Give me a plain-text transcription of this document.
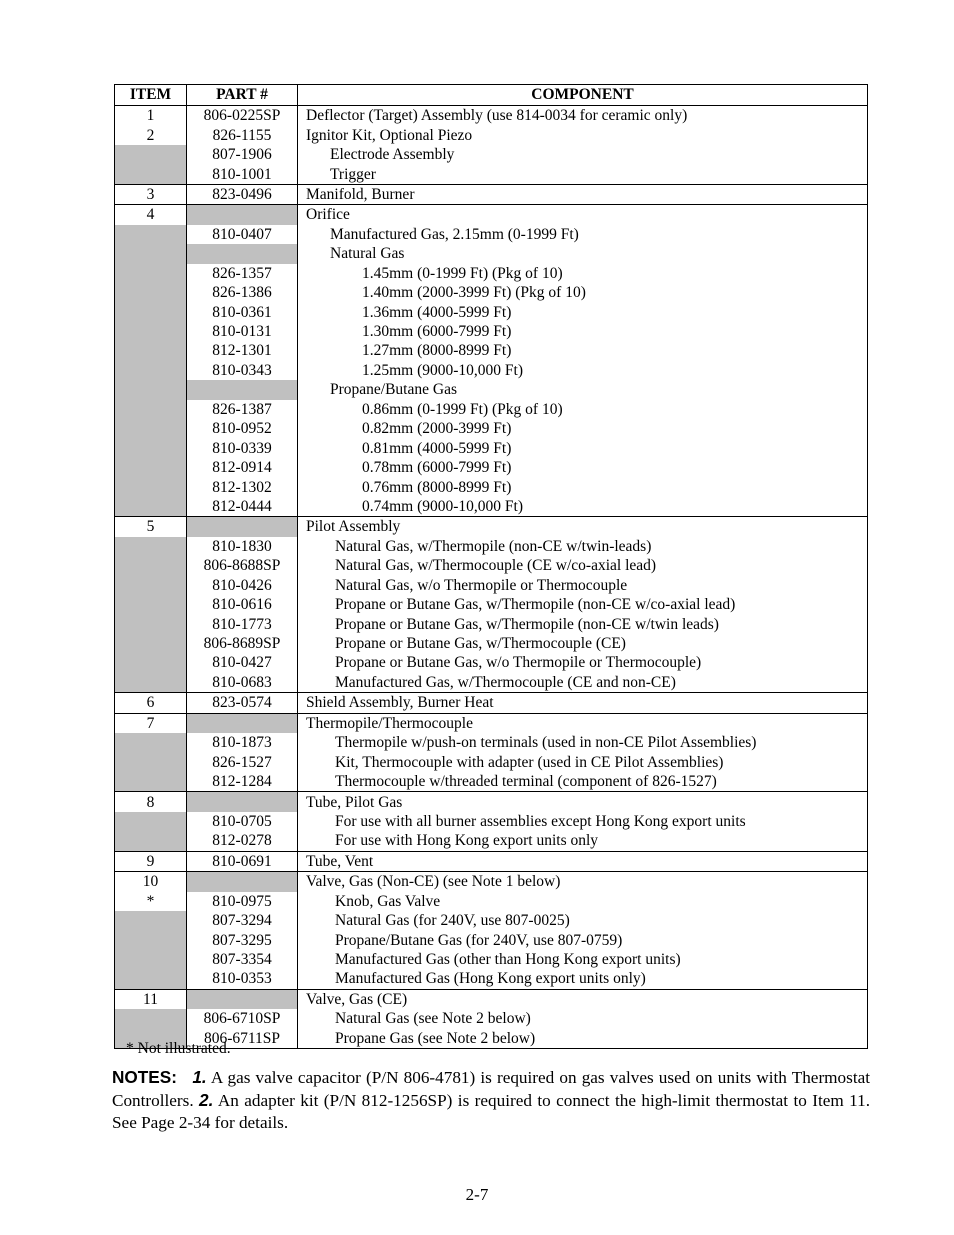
ITEM	PART #	COMPONENT
1	806-0225SP	Deflector (Target) Assembly (use 814-0034 for ceramic only)
2	826-1155	Ignitor Kit, Optional Piezo
	807-1906	Electrode Assembly
	810-1001	Trigger
3	823-0496	Manifold, Burner
4		Orifice
	810-0407	Manufactured Gas, 2.15mm (0-1999 Ft)
		Natural Gas
	826-1357	1.45mm (0-1999 Ft) (Pkg of 10)
	826-1386	1.40mm (2000-3999 Ft) (Pkg of 10)
	810-0361	1.36mm (4000-5999 Ft)
	810-0131	1.30mm (6000-7999 Ft)
	812-1301	1.27mm (8000-8999 Ft)
	810-0343	1.25mm (9000-10,000 Ft)
		Propane/Butane Gas
	826-1387	0.86mm (0-1999 Ft) (Pkg of 10)
	810-0952	0.82mm (2000-3999 Ft)
	810-0339	0.81mm (4000-5999 Ft)
	812-0914	0.78mm (6000-7999 Ft)
	812-1302	0.76mm (8000-8999 Ft)
	812-0444	0.74mm (9000-10,000 Ft)
5		Pilot Assembly
	810-1830	Natural Gas, w/Thermopile (non-CE w/twin-leads)
	806-8688SP	Natural Gas, w/Thermocouple (CE w/co-axial lead)
	810-0426	Natural Gas, w/o Thermopile or Thermocouple
	810-0616	Propane or Butane Gas, w/Thermopile (non-CE w/co-axial lead)
	810-1773	Propane or Butane Gas, w/Thermopile (non-CE w/twin leads)
	806-8689SP	Propane or Butane Gas, w/Thermocouple (CE)
	810-0427	Propane or Butane Gas, w/o Thermopile or Thermocouple)
	810-0683	Manufactured Gas, w/Thermocouple (CE and non-CE)
6	823-0574	Shield Assembly, Burner Heat
7		Thermopile/Thermocouple
	810-1873	Thermopile w/push-on terminals (used in non-CE Pilot Assemblies)
	826-1527	Kit, Thermocouple with adapter (used in CE Pilot Assemblies)
	812-1284	Thermocouple w/threaded terminal (component of 826-1527)
8		Tube, Pilot Gas
	810-0705	For use with all burner assemblies except Hong Kong export units
	812-0278	For use with Hong Kong export units only
9	810-0691	Tube, Vent
10		Valve, Gas (Non-CE) (see Note 1 below)
*	810-0975	Knob, Gas Valve
	807-3294	Natural Gas (for 240V, use 807-0025)
	807-3295	Propane/Butane Gas (for 240V, use 807-0759)
	807-3354	Manufactured Gas (other than Hong Kong export units)
	810-0353	Manufactured Gas (Hong Kong export units only)
11		Valve, Gas (CE)
	806-6710SP	Natural Gas (see Note 2 below)
	806-6711SP	Propane Gas (see Note 2 below)
* Not illustrated.
NOTES: 1. A gas valve capacitor (P/N 806-4781) is required on gas valves used on units with Thermostat Controllers. 2. An adapter kit (P/N 812-1256SP) is required to connect the high-limit thermostat to Item 11. See Page 2-34 for details.
2-7
